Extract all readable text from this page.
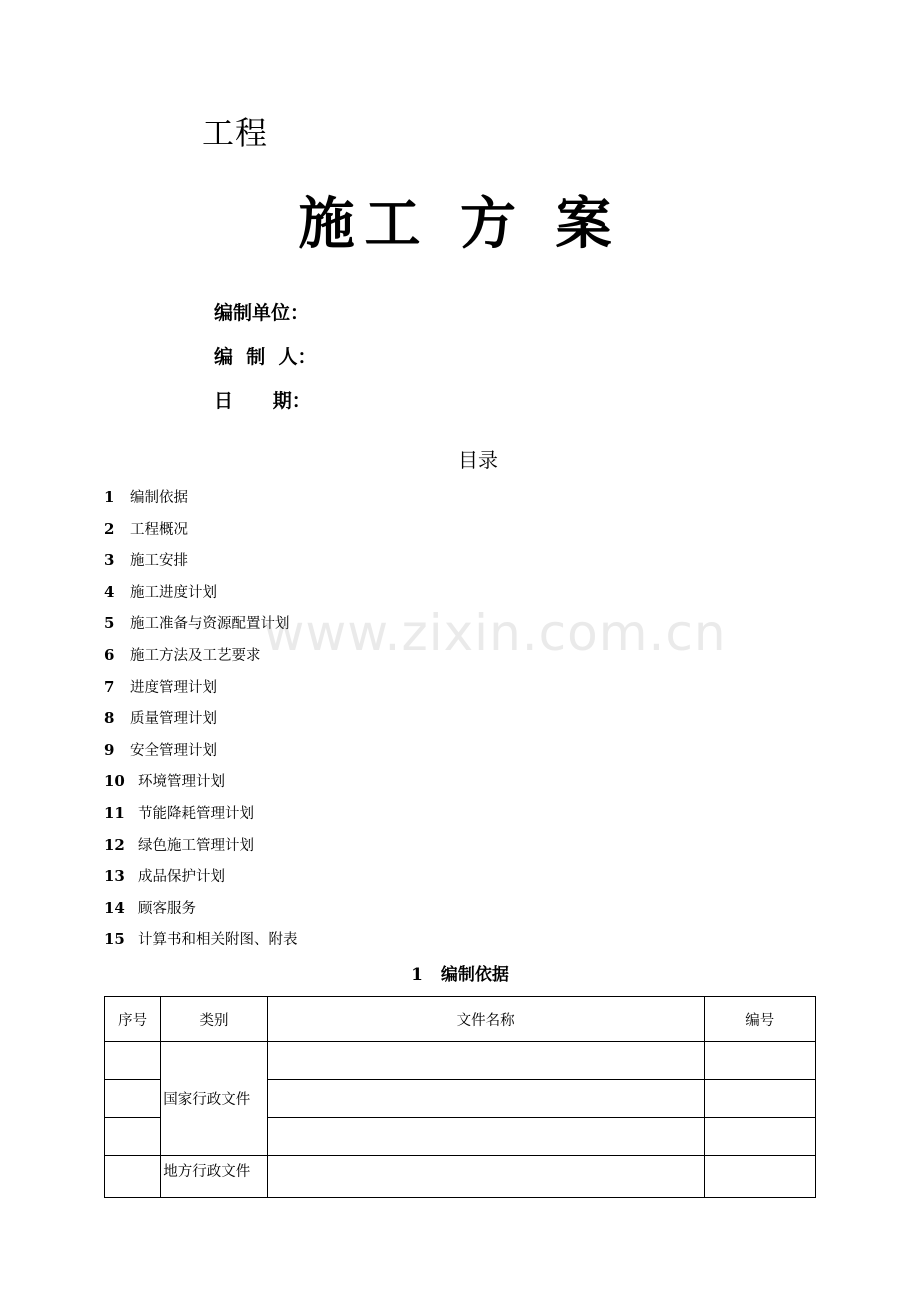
工程
施工 方 案
编制单位：
编  制  人：
日      期：
目录
1 编制依据
2 工程概况
3 施工安排
4 施工进度计划
5 施工准备与资源配置计划
6 施工方法及工艺要求
7 进度管理计划
8 质量管理计划
9 安全管理计划
10 环境管理计划
11 节能降耗管理计划
12 绿色施工管理计划
13 成品保护计划
14 顾客服务
15 计算书和相关附图、附表
www.zixin.com.cn
1 编制依据
序号	类别	文件名称	编号
	国家行政文件		

	地方行政文件		
